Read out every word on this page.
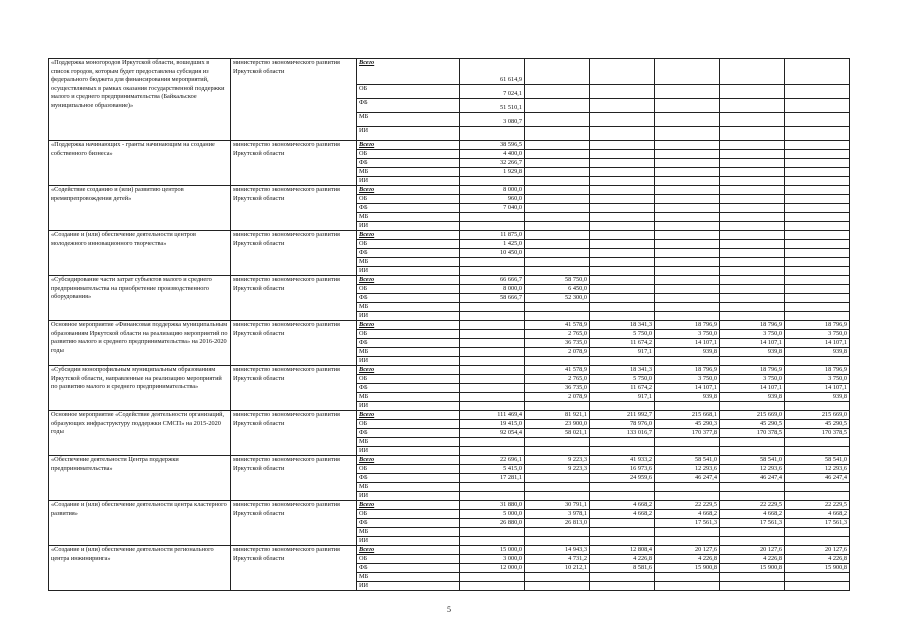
«Поддержка моногородов Иркутской области, вошедших в список городов, которым будет предоставлена субсидия из федерального бюджета для финансирования мероприятий, осуществляемых в рамках оказания государственной поддержки малого и среднего предпринимательства (Байкальское муниципальное образование)»	министерство экономического развития Иркутской области	Всего	61 614,9					
		ОБ	7 024,1					
		ФБ	51 510,1					
		МБ	3 080,7					
		ИИ						
«Поддержка начинающих - гранты начинающим на создание собственного бизнеса»	министерство экономического развития Иркутской области	Всего	38 596,5					
		ОБ	4 400,0					
		ФБ	32 266,7					
		МБ	1 929,8					
		ИИ						
«Содействие созданию и (или) развитию центров времяпрепровождения детей»	министерство экономического развития Иркутской области	Всего	8 000,0					
		ОБ	960,0					
		ФБ	7 040,0					
		МБ						
		ИИ						
«Создание и (или) обеспечение деятельности центров молодежного инновационного творчества»	министерство экономического развития Иркутской области	Всего	11 875,0					
		ОБ	1 425,0					
		ФБ	10 450,0					
		МБ						
		ИИ						
«Субсидирование части затрат субъектов малого и среднего предпринимательства на приобретение производственного оборудования»	министерство экономического развития Иркутской области	Всего	66 666,7	58 750,0				
		ОБ	8 000,0	6 450,0				
		ФБ	58 666,7	52 300,0				
		МБ						
		ИИ						
Основное мероприятие «Финансовая поддержка муниципальным образованиям Иркутской области на реализацию мероприятий по развитию малого и среднего предпринимательства» на 2016-2020 годы	министерство экономического развития Иркутской области	Всего		41 578,9	18 341,3	18 796,9	18 796,9	18 796,9
		ОБ		2 765,0	5 750,0	3 750,0	3 750,0	3 750,0
		ФБ		36 735,0	11 674,2	14 107,1	14 107,1	14 107,1
		МБ		2 078,9	917,1	939,8	939,8	939,8
		ИИ						
«Субсидии монопрофильным муниципальным образованиям Иркутской области, направленные на реализацию мероприятий по развитию малого и среднего предпринимательства»	министерство экономического развития Иркутской области	Всего		41 578,9	18 341,3	18 796,9	18 796,9	18 796,9
		ОБ		2 765,0	5 750,0	3 750,0	3 750,0	3 750,0
		ФБ		36 735,0	11 674,2	14 107,1	14 107,1	14 107,1
		МБ		2 078,9	917,1	939,8	939,8	939,8
		ИИ						
Основное мероприятие «Содействие деятельности организаций, образующих инфраструктуру поддержки СМСП» на 2015-2020 годы	министерство экономического развития Иркутской области	Всего	111 469,4	81 921,1	211 992,7	215 668,1	215 669,0	215 669,0
		ОБ	19 415,0	23 900,0	78 976,0	45 290,3	45 290,5	45 290,5
		ФБ	92 054,4	58 021,1	133 016,7	170 377,8	170 378,5	170 378,5
		МБ						
		ИИ						
«Обеспечение деятельности Центра поддержки предпринимательства»	министерство экономического развития Иркутской области	Всего	22 696,1	9 223,3	41 933,2	58 541,0	58 541,0	58 541,0
		ОБ	5 415,0	9 223,3	16 973,6	12 293,6	12 293,6	12 293,6
		ФБ	17 281,1		24 959,6	46 247,4	46 247,4	46 247,4
		МБ						
		ИИ						
«Создание и (или) обеспечение деятельности центра кластерного развития»	министерство экономического развития Иркутской области	Всего	31 880,0	30 791,1	4 668,2	22 229,5	22 229,5	22 229,5
		ОБ	5 000,0	3 978,1	4 668,2	4 668,2	4 668,2	4 668,2
		ФБ	26 880,0	26 813,0		17 561,3	17 561,3	17 561,3
		МБ						
		ИИ						
«Создание и (или) обеспечение деятельности регионального центра инжиниринга»	министерство экономического развития Иркутской области	Всего	15 000,0	14 943,3	12 808,4	20 127,6	20 127,6	20 127,6
		ОБ	3 000,0	4 731,2	4 226,8	4 226,8	4 226,8	4 226,8
		ФБ	12 000,0	10 212,1	8 581,6	15 900,8	15 900,8	15 900,8
		МБ						
		ИИ						
5
